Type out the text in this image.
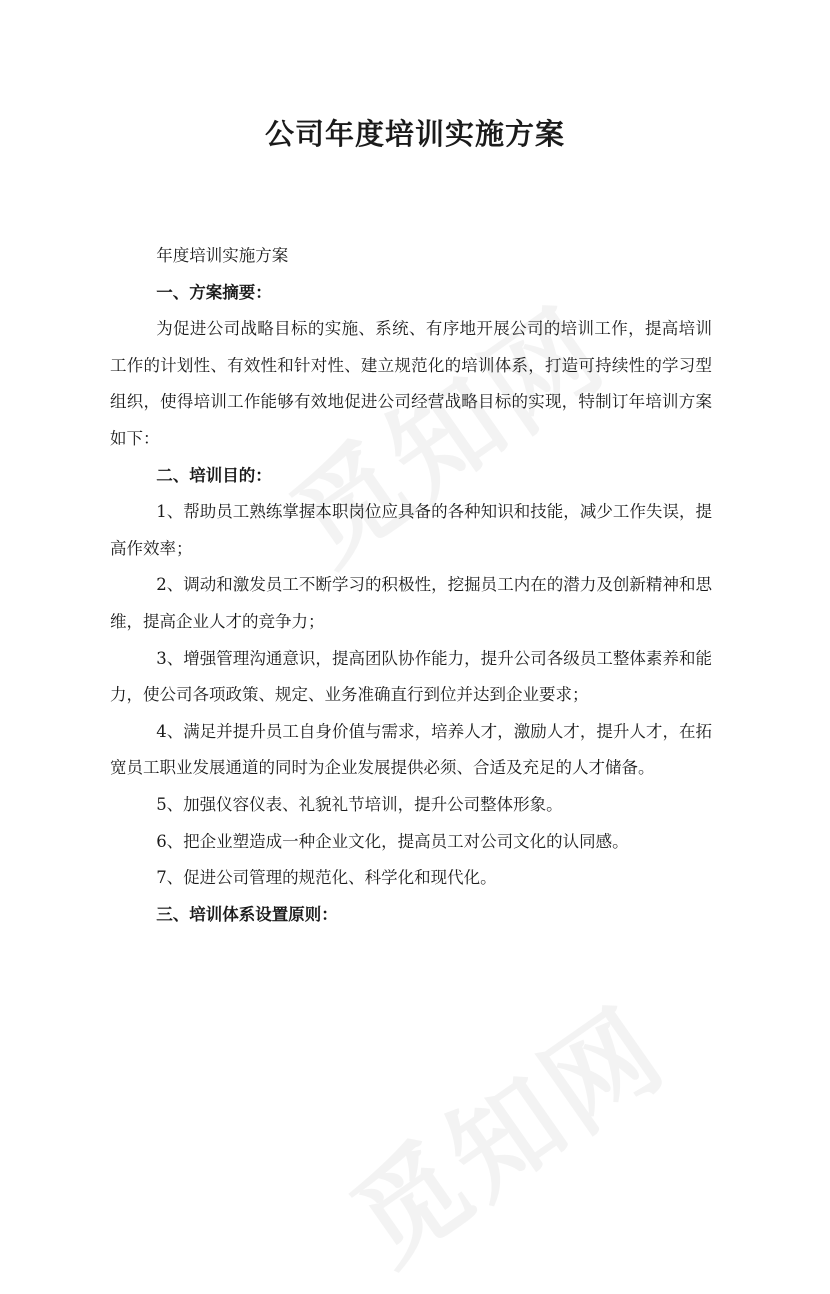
公司年度培训实施方案

年度培训实施方案

一、方案摘要：

为促进公司战略目标的实施、系统、有序地开展公司的培训工作，提高培训工作的计划性、有效性和针对性、建立规范化的培训体系，打造可持续性的学习型组织，使得培训工作能够有效地促进公司经营战略目标的实现，特制订年培训方案如下：

二、培训目的：

1、帮助员工熟练掌握本职岗位应具备的各种知识和技能，减少工作失误，提高作效率；

2、调动和激发员工不断学习的积极性，挖掘员工内在的潜力及创新精神和思维，提高企业人才的竞争力；

3、增强管理沟通意识，提高团队协作能力，提升公司各级员工整体素养和能力，使公司各项政策、规定、业务准确直行到位并达到企业要求；

4、满足并提升员工自身价值与需求，培养人才，激励人才，提升人才，在拓宽员工职业发展通道的同时为企业发展提供必须、合适及充足的人才储备。

5、加强仪容仪表、礼貌礼节培训，提升公司整体形象。

6、把企业塑造成一种企业文化，提高员工对公司文化的认同感。

7、促进公司管理的规范化、科学化和现代化。

三、培训体系设置原则：
